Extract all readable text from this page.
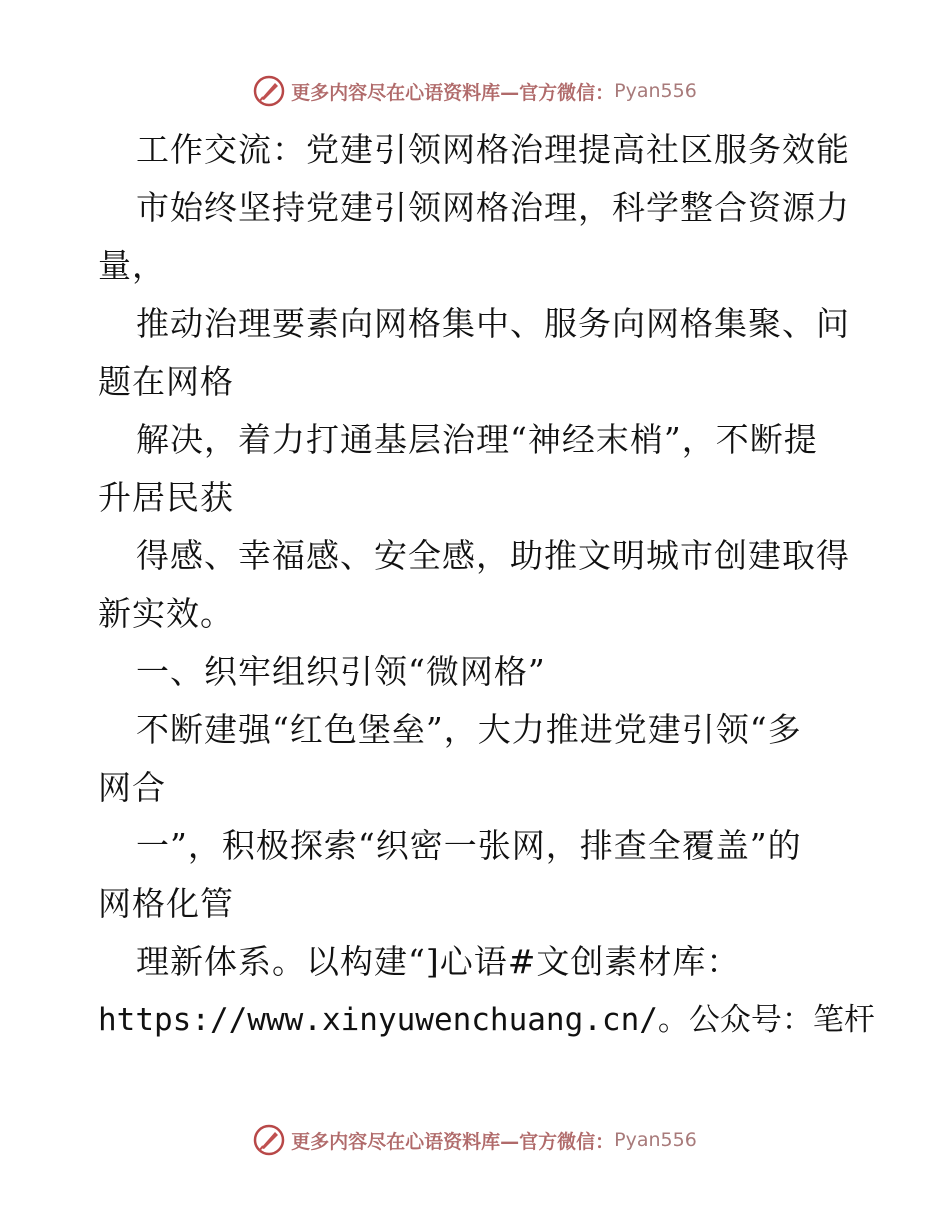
更多内容尽在心语资料库—官方微信： Pyan556
工作交流：党建引领网格治理提高社区服务效能
市始终坚持党建引领网格治理，科学整合资源力
量，
推动治理要素向网格集中、服务向网格集聚、问
题在网格
解决，着力打通基层治理“神经末梢”，不断提
升居民获
得感、幸福感、安全感，助推文明城市创建取得
新实效。
一、织牢组织引领“微网格”
不断建强“红色堡垒”，大力推进党建引领“多
网合
一”，积极探索“织密一张网，排查全覆盖”的
网格化管
理新体系。以构建“]心语#文创素材库：
https://www.xinyuwenchuang.cn/。公众号：笔杆
更多内容尽在心语资料库—官方微信： Pyan556
